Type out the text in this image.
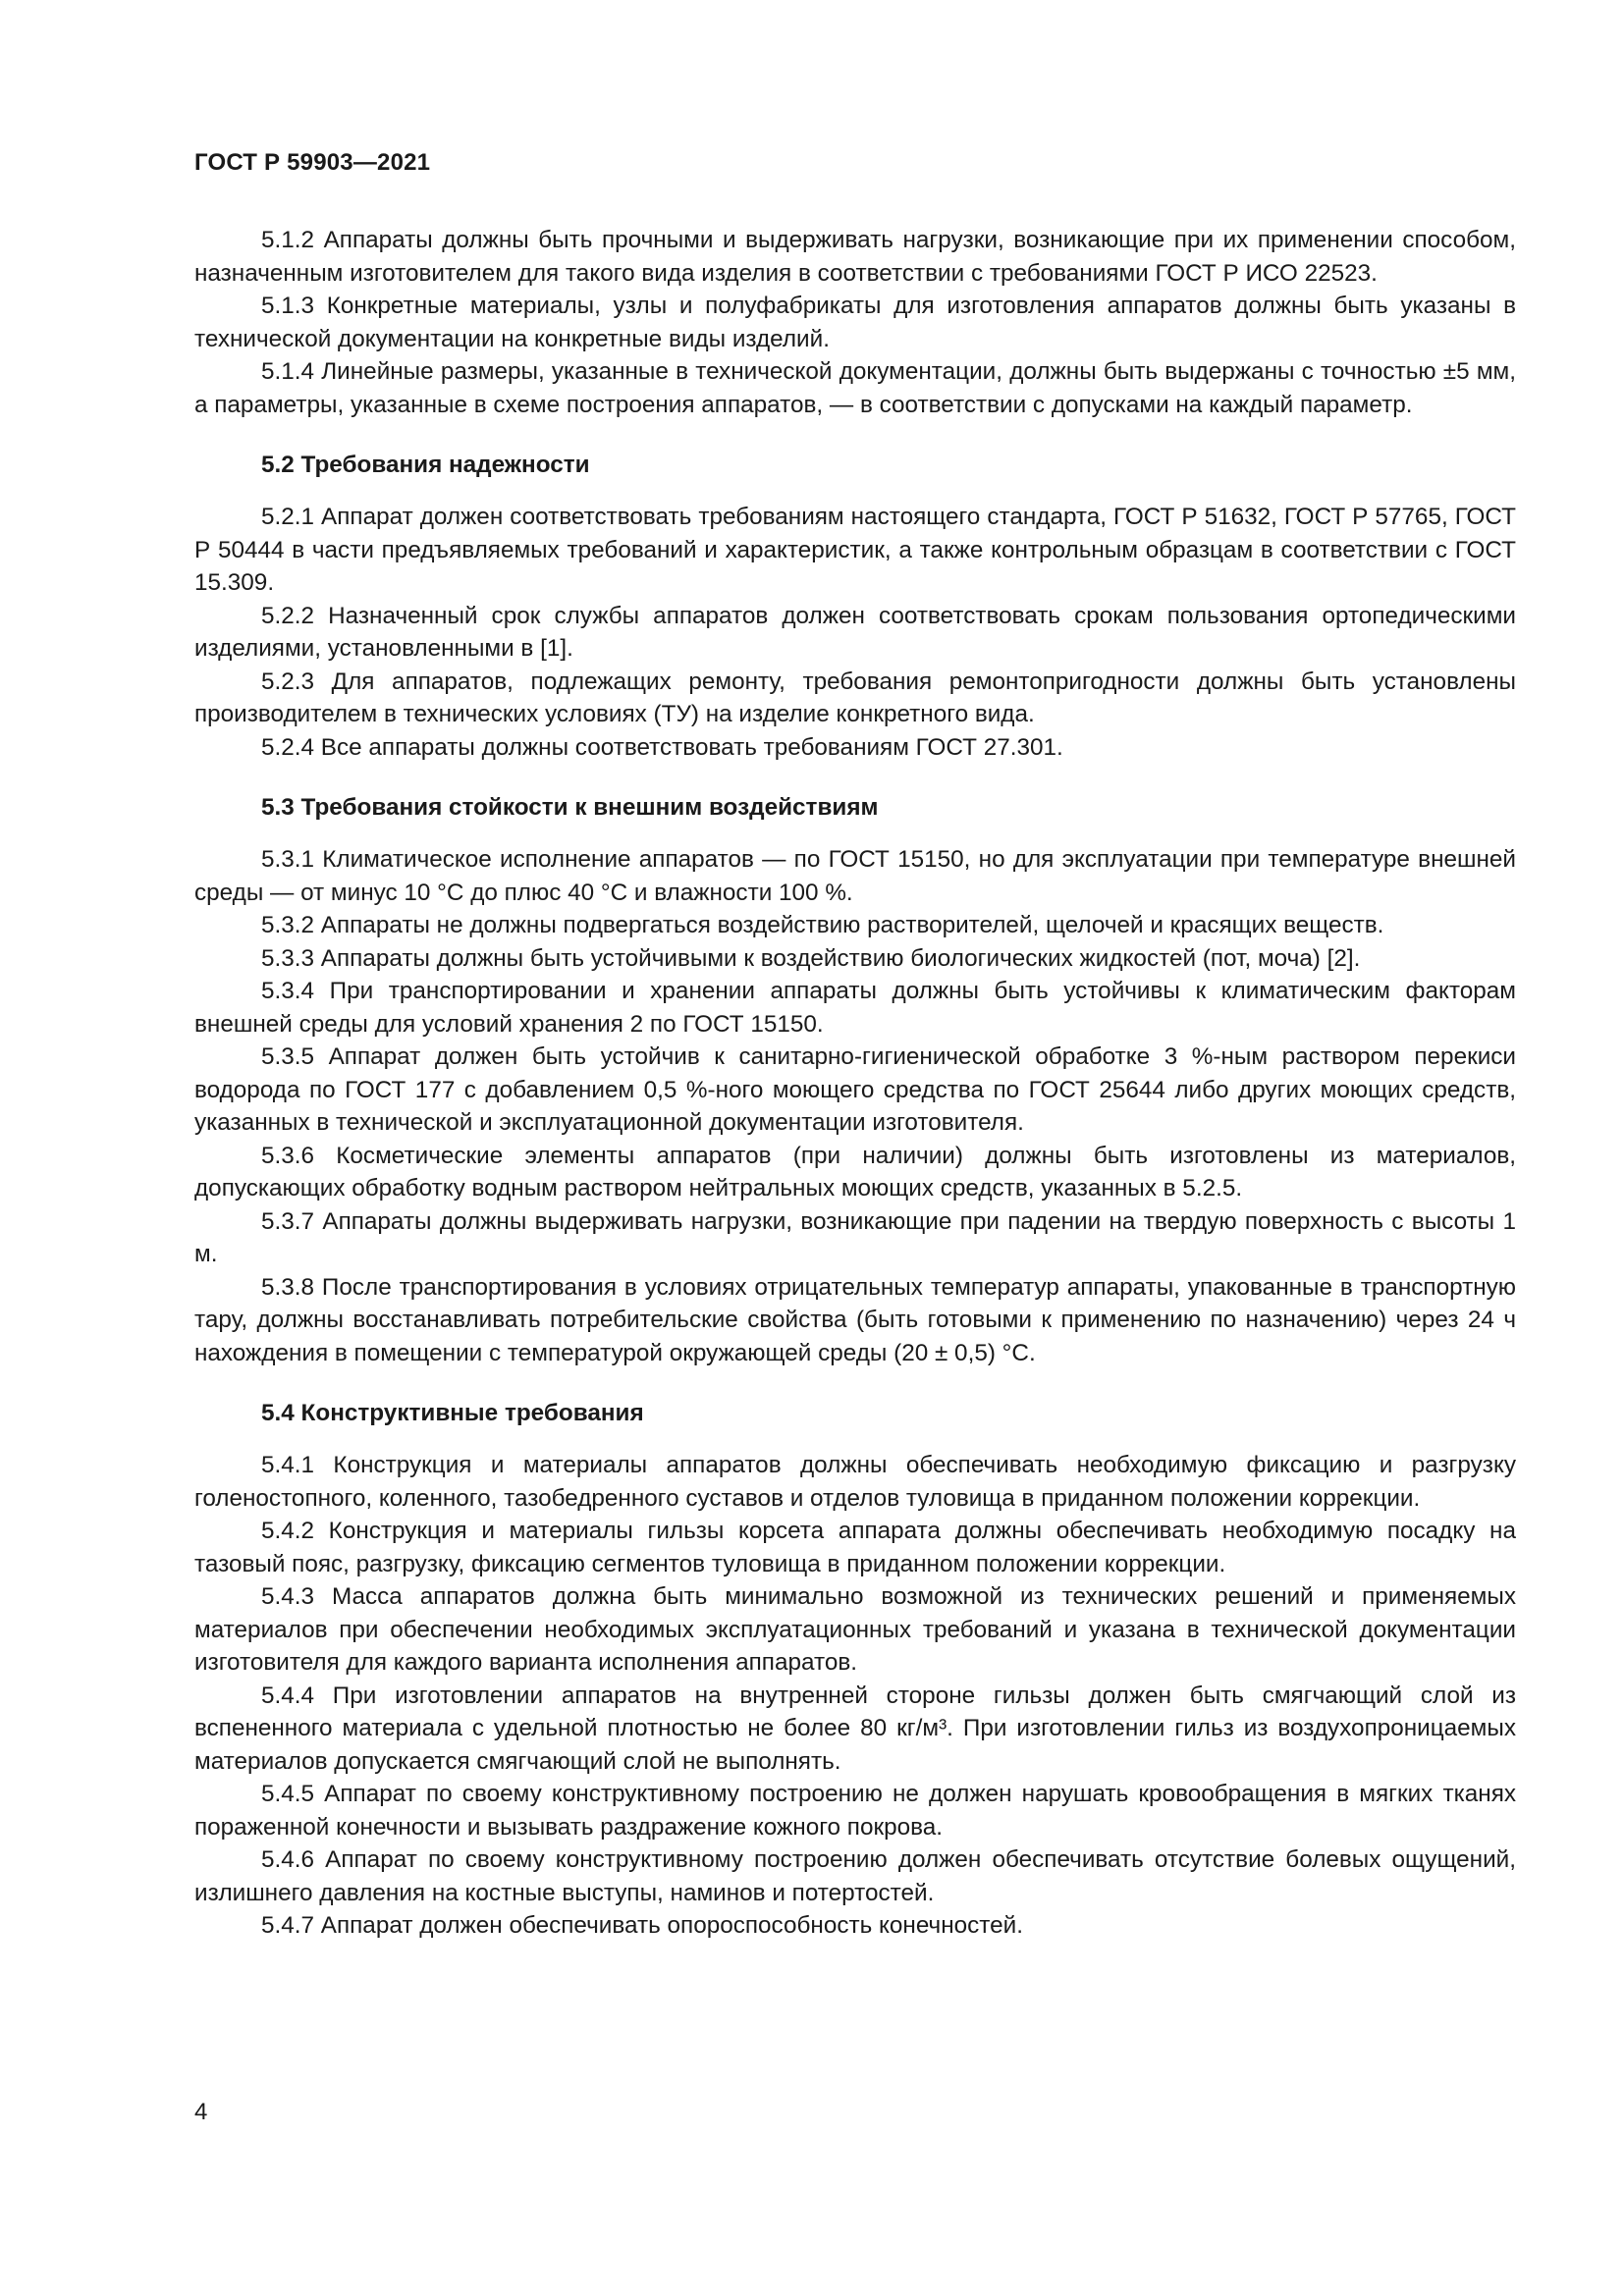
ГОСТ Р 59903—2021

5.1.2 Аппараты должны быть прочными и выдерживать нагрузки, возникающие при их применении способом, назначенным изготовителем для такого вида изделия в соответствии с требованиями ГОСТ Р ИСО 22523.

5.1.3 Конкретные материалы, узлы и полуфабрикаты для изготовления аппаратов должны быть указаны в технической документации на конкретные виды изделий.

5.1.4 Линейные размеры, указанные в технической документации, должны быть выдержаны с точностью ±5 мм, а параметры, указанные в схеме построения аппаратов, — в соответствии с допусками на каждый параметр.

5.2 Требования надежности

5.2.1 Аппарат должен соответствовать требованиям настоящего стандарта, ГОСТ Р 51632, ГОСТ Р 57765, ГОСТ Р 50444 в части предъявляемых требований и характеристик, а также контрольным образцам в соответствии с ГОСТ 15.309.

5.2.2 Назначенный срок службы аппаратов должен соответствовать срокам пользования ортопедическими изделиями, установленными в [1].

5.2.3 Для аппаратов, подлежащих ремонту, требования ремонтопригодности должны быть установлены производителем в технических условиях (ТУ) на изделие конкретного вида.

5.2.4 Все аппараты должны соответствовать требованиям ГОСТ 27.301.

5.3 Требования стойкости к внешним воздействиям

5.3.1 Климатическое исполнение аппаратов — по ГОСТ 15150, но для эксплуатации при температуре внешней среды — от минус 10 °С до плюс 40 °С и влажности 100 %.

5.3.2 Аппараты не должны подвергаться воздействию растворителей, щелочей и красящих веществ.

5.3.3 Аппараты должны быть устойчивыми к воздействию биологических жидкостей (пот, моча) [2].

5.3.4 При транспортировании и хранении аппараты должны быть устойчивы к климатическим факторам внешней среды для условий хранения 2 по ГОСТ 15150.

5.3.5 Аппарат должен быть устойчив к санитарно-гигиенической обработке 3 %-ным раствором перекиси водорода по ГОСТ 177 с добавлением 0,5 %-ного моющего средства по ГОСТ 25644 либо других моющих средств, указанных в технической и эксплуатационной документации изготовителя.

5.3.6 Косметические элементы аппаратов (при наличии) должны быть изготовлены из материалов, допускающих обработку водным раствором нейтральных моющих средств, указанных в 5.2.5.

5.3.7 Аппараты должны выдерживать нагрузки, возникающие при падении на твердую поверхность с высоты 1 м.

5.3.8 После транспортирования в условиях отрицательных температур аппараты, упакованные в транспортную тару, должны восстанавливать потребительские свойства (быть готовыми к применению по назначению) через 24 ч нахождения в помещении с температурой окружающей среды (20 ± 0,5) °С.

5.4 Конструктивные требования

5.4.1 Конструкция и материалы аппаратов должны обеспечивать необходимую фиксацию и разгрузку голеностопного, коленного, тазобедренного суставов и отделов туловища в приданном положении коррекции.

5.4.2 Конструкция и материалы гильзы корсета аппарата должны обеспечивать необходимую посадку на тазовый пояс, разгрузку, фиксацию сегментов туловища в приданном положении коррекции.

5.4.3 Масса аппаратов должна быть минимально возможной из технических решений и применяемых материалов при обеспечении необходимых эксплуатационных требований и указана в технической документации изготовителя для каждого варианта исполнения аппаратов.

5.4.4 При изготовлении аппаратов на внутренней стороне гильзы должен быть смягчающий слой из вспененного материала с удельной плотностью не более 80 кг/м³. При изготовлении гильз из воздухопроницаемых материалов допускается смягчающий слой не выполнять.

5.4.5 Аппарат по своему конструктивному построению не должен нарушать кровообращения в мягких тканях пораженной конечности и вызывать раздражение кожного покрова.

5.4.6 Аппарат по своему конструктивному построению должен обеспечивать отсутствие болевых ощущений, излишнего давления на костные выступы, наминов и потертостей.

5.4.7 Аппарат должен обеспечивать опороспособность конечностей.

4
